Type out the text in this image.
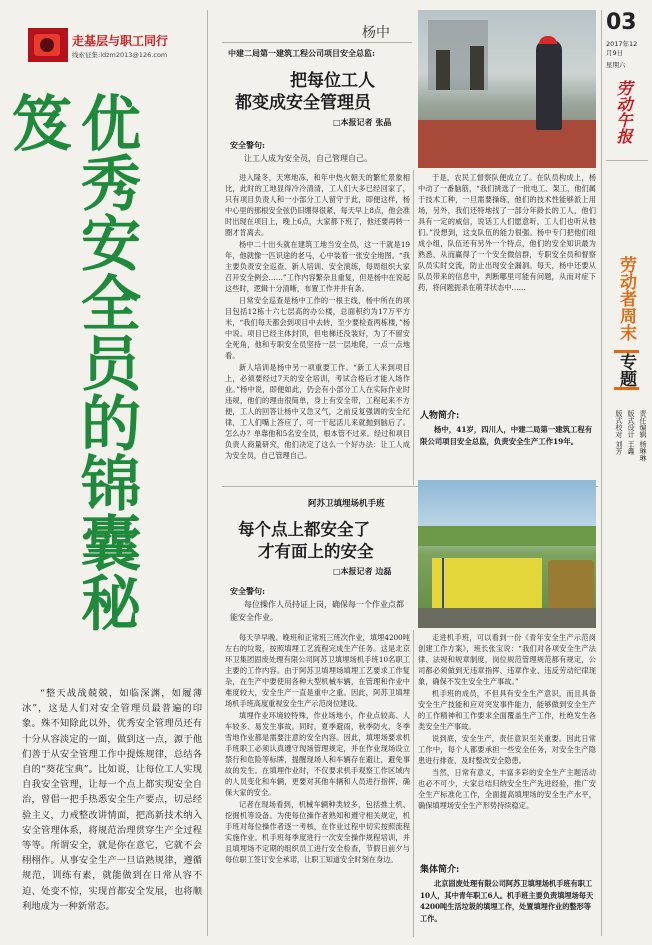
走基层与职工同行
线索征集:ldzm2013@126.com
优秀安全员的锦囊秘笈
“整天战战兢兢，如临深渊，如履薄冰”，这是人们对安全管理员最普遍的印象。殊不知除此以外，优秀安全管理员还有十分从容淡定的一面，做到这一点，源于他们善于从安全管理工作中提炼规律，总结各自的“葵花宝典”。比如说，让每位工人实现自我安全管理，让每一个点上都实现安全自治，曾倡一把手热悉安全生产要点，切忌经验主义，力戒整改讲情面，把高新技术纳入安全管理体系，将规范治理贯穿生产全过程等等。所谓安全，就是你在意它，它就不会栩栩作。从事安全生产一旦谙熟规律，遵循规范，训练有素，就能做到在日常从容不迫、处变不惊，实现首都安全发展，也将顺利地成为一种新常态。
杨中
中建二局第一建筑工程公司项目安全总监:
把每位工人
都变成安全管理员
□本报记者 张晶
安全警句:
让工人成为安全员，自己管理自己。

进入隆冬，天寒地冻，和年中热火朝天的繁忙景象相比，此时的工地显得冷冷清清，工人们大多已经回家了，只有项目负责人和一小部分工人留守于此，即便这样，杨中心里的那根安全弦仍旧绷得很紧，每天早上8点，他会准时出现在项目上，晚上6点，大家都下班了，他还要再转一圈才肯离去。

杨中二十出头就在建筑工地当安全员，这一干就是19年，他就像一匹识途的老马，心中装着一张安全地图。“我主要负责安全巡查、新人培训、安全演练，每周组织大家召开安全例会……”工作内容繁杂且重复，但是杨中在说起这些时，逻辑十分清晰，布置工作井井有条。

日常安全巡查是杨中工作的一根主线，杨中所在的项目包括12栋十六七层高的办公楼，总面积约为17万平方米，“我们每天都会到项目中去转，至少要检查两栋楼，”杨中说。项目已经主体封顶，但电梯还没装好，为了不留安全死角，他和专职安全员坚持一层一层地爬，一点一点地看。

新人培训是杨中另一项重要工作。“新工人来到项目上，必须要经过7天的安全培训，考试合格后才能入场作业。”杨中说，即便如此，仍会有小部分工人在实际作业时违规，他们的理由很简单，身上有安全带，工程起来不方便，工人的回答让杨中又急又气，之前反复强调的安全纪律，工人们嘴上答应了，可一干起活儿来就抛到脑后了。怎么办？单靠他和5名安全员，根本管不过来。经过和项目负责人商量研究，他们决定了这么一个好办法：让工人成为安全员，自己管理自己。

于是，农民工督察队便成立了。在队员构成上，杨中动了一番脑筋，“我们挑选了一批电工、架工，他们属于技术工种，一旦需要操练，他们的技术性能够派上用场，另外，我们还特地找了一部分年龄长的工人，他们具有一定的威信，说话工人们愿意听，工人们也听从他们。”没想到，这支队伍的能力很强。杨中专门把他们组成小组，队伍还有另外一个特点，他们的安全知识最为熟悉，从而赢得了一个安全微信群，专职安全员和督察队员实时交流，防止出现安全漏洞。每天，杨中还要从队员带来的信息中，判断哪里可能有问题，从而对症下药，将问题扼杀在萌芽状态中……

人物简介:
杨中，41岁，四川人，中建二局第一建筑工程有限公司项目安全总监，负责安全生产工作19年。
阿苏卫填埋场机手班
每个点上都安全了
才有面上的安全
□本报记者 边磊
安全警句:
每位操作人员持证上岗，确保每一个作业点都能安全作业。

每天孕早晚、晚班和正常班三班次作业，填埋4200吨左右的垃圾，按照填埋工艺流程完成生产任务。这是北京环卫集团固废处理有限公司阿苏卫填埋场机手班10名职工主要的工作内容。由于阿苏卫填埋场填埋工艺要求工作复杂，在生产中要使用各种大型机械车辆，在管理和作业中难度较大，安全生产一直是重中之重。因此，阿苏卫填埋场机手班高度重视安全生产示范岗位建设。

填埋作业环境较特殊，作业场地小，作业点较高、人车较多、易发生事故。同时，夏季避雨，秋季防火，冬季雪地作业都是需要注意的安全内容。因此，填埋场要求机手班职工必须认真遵守现场管理规定，并在作业现场设立禁行和危险等标牌，提醒现场人和车辆存在避让，避免事故的发生。在填埋作业时，不仅要求机手观察工作区域内的人员变化和车辆，更要对其他车辆和人员进行指挥，确保大家的安全。

记者在现场看到，机械车辆种类较多，包括推土机、挖掘机等设备。为使每位操作者熟知和遵守相关规定，机手班对每位操作者逐一考核，在作业过程中切实按照流程实施作业。机手班每季度进行一次安全操作规程培训，并且填埋场不定期的组织员工进行安全检查，节假日前夕与每位职工签订安全承诺，让职工知道安全时刻在身边。

走进机手班，可以看到一份《青年安全生产示范岗创建工作方案》，班长张宝说：“我们对各项安全生产法律、法规和规章制度，岗位规范管理规范都有规定，公司都必须做到无违章指挥、违章作业、违反劳动纪律现象，确保不发生安全生产事故。”

机手班的成员，不但具有安全生产意识，而且具备安全生产技能和应对突发事件能力，能够做到安全生产的工作精神和工作要求全面覆盖生产工作，杜绝发生各类安全生产事故。

说到底，安全生产，责任意识至关重要。因此日常工作中，每个人都要承担一些安全任务，对安全生产隐患进行排查，及时整改安全隐患。

当然，日常有意义，丰富多彩的安全生产主题活动也必不可少，大家总结归纳安全生产先进经验，推广安全生产标准化工作，全面提高填埋场的安全生产水平，确保填埋场安全生产形势持续稳定。

集体简介:
北京固废处理有限公司阿苏卫填埋场机手班有职工10人，其中青年职工6人。机手班主要负责填埋场每天4200吨生活垃圾的填埋工作，处置填埋作业的整形等工作。
03
2017年12月9日
星期六
劳动午报
劳动者周末
专题
责任编辑 杨琳琳
版式设计 王鑫
版式校对 刘芳
